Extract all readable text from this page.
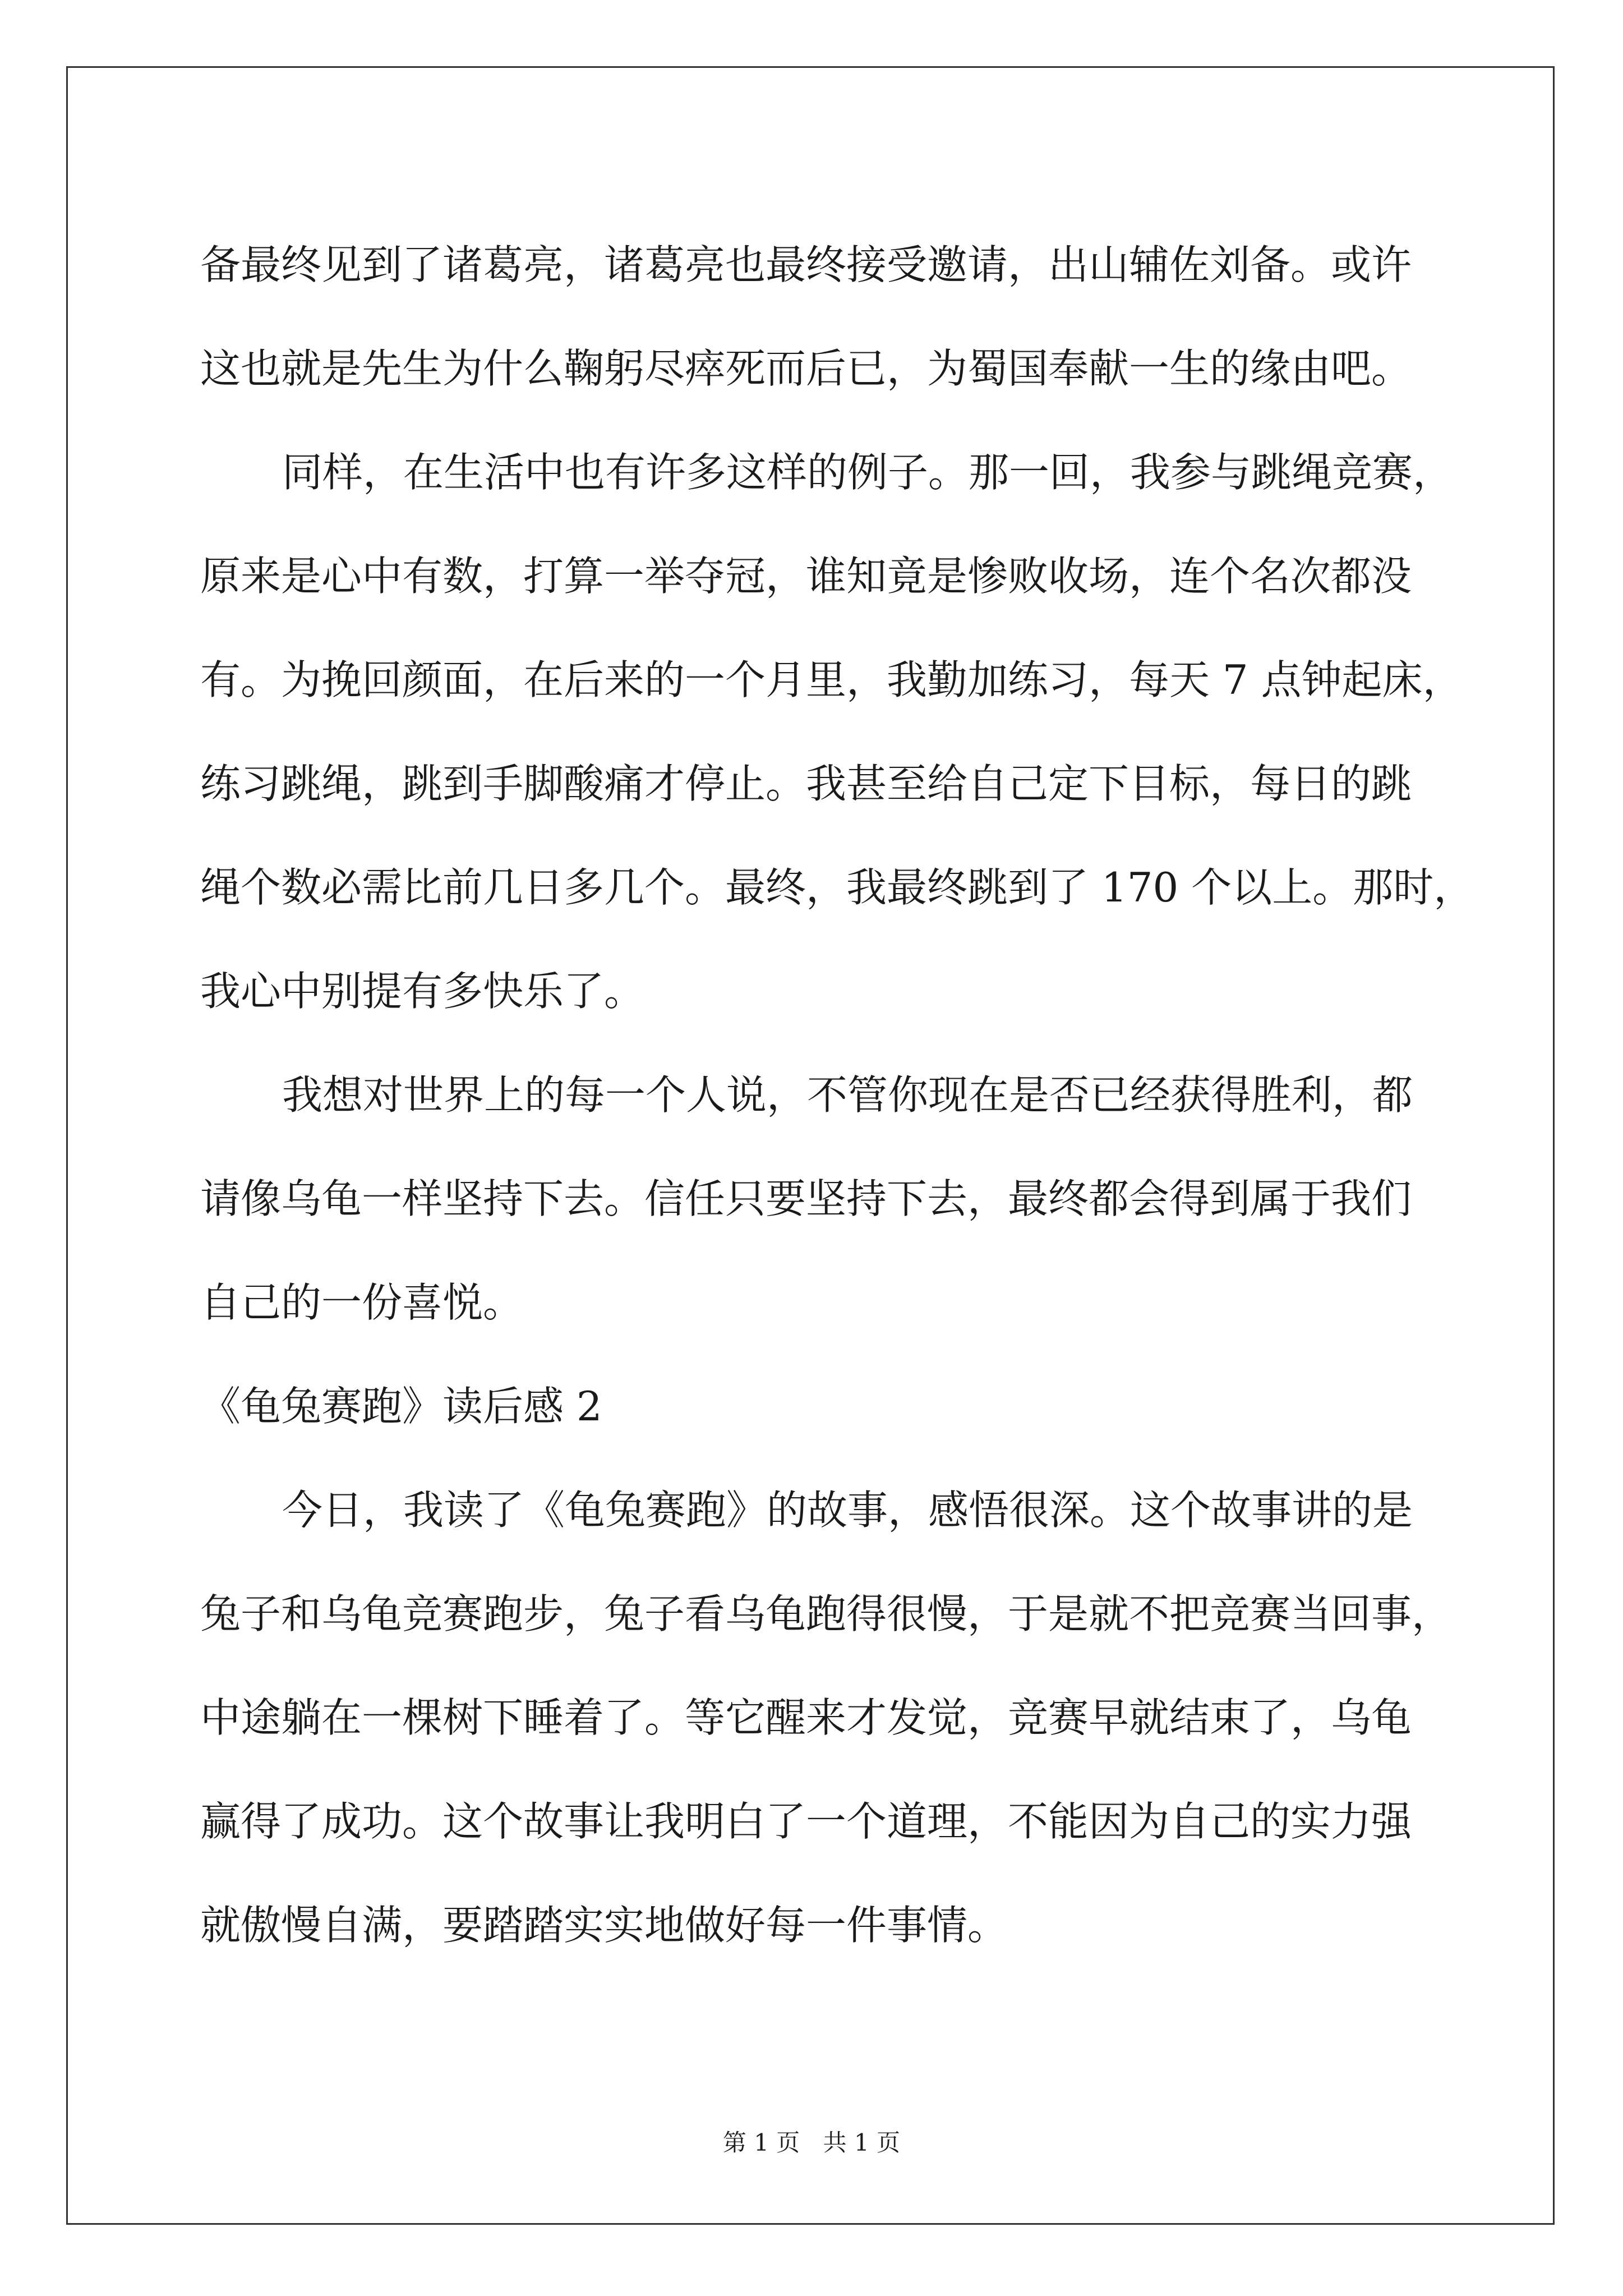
备最终见到了诸葛亮，诸葛亮也最终接受邀请，出山辅佐刘备。或许
这也就是先生为什么鞠躬尽瘁死而后已，为蜀国奉献一生的缘由吧。
同样，在生活中也有许多这样的例子。那一回，我参与跳绳竞赛，
原来是心中有数，打算一举夺冠，谁知竟是惨败收场，连个名次都没
有。为挽回颜面，在后来的一个月里，我勤加练习，每天 7 点钟起床，
练习跳绳，跳到手脚酸痛才停止。我甚至给自己定下目标，每日的跳
绳个数必需比前几日多几个。最终，我最终跳到了 170 个以上。那时，
我心中别提有多快乐了。
我想对世界上的每一个人说，不管你现在是否已经获得胜利，都
请像乌龟一样坚持下去。信任只要坚持下去，最终都会得到属于我们
自己的一份喜悦。
《龟兔赛跑》读后感 2
今日，我读了《龟兔赛跑》的故事，感悟很深。这个故事讲的是
兔子和乌龟竞赛跑步，兔子看乌龟跑得很慢，于是就不把竞赛当回事，
中途躺在一棵树下睡着了。等它醒来才发觉，竞赛早就结束了，乌龟
赢得了成功。这个故事让我明白了一个道理，不能因为自己的实力强
就傲慢自满，要踏踏实实地做好每一件事情。
第 1 页 共 1 页
